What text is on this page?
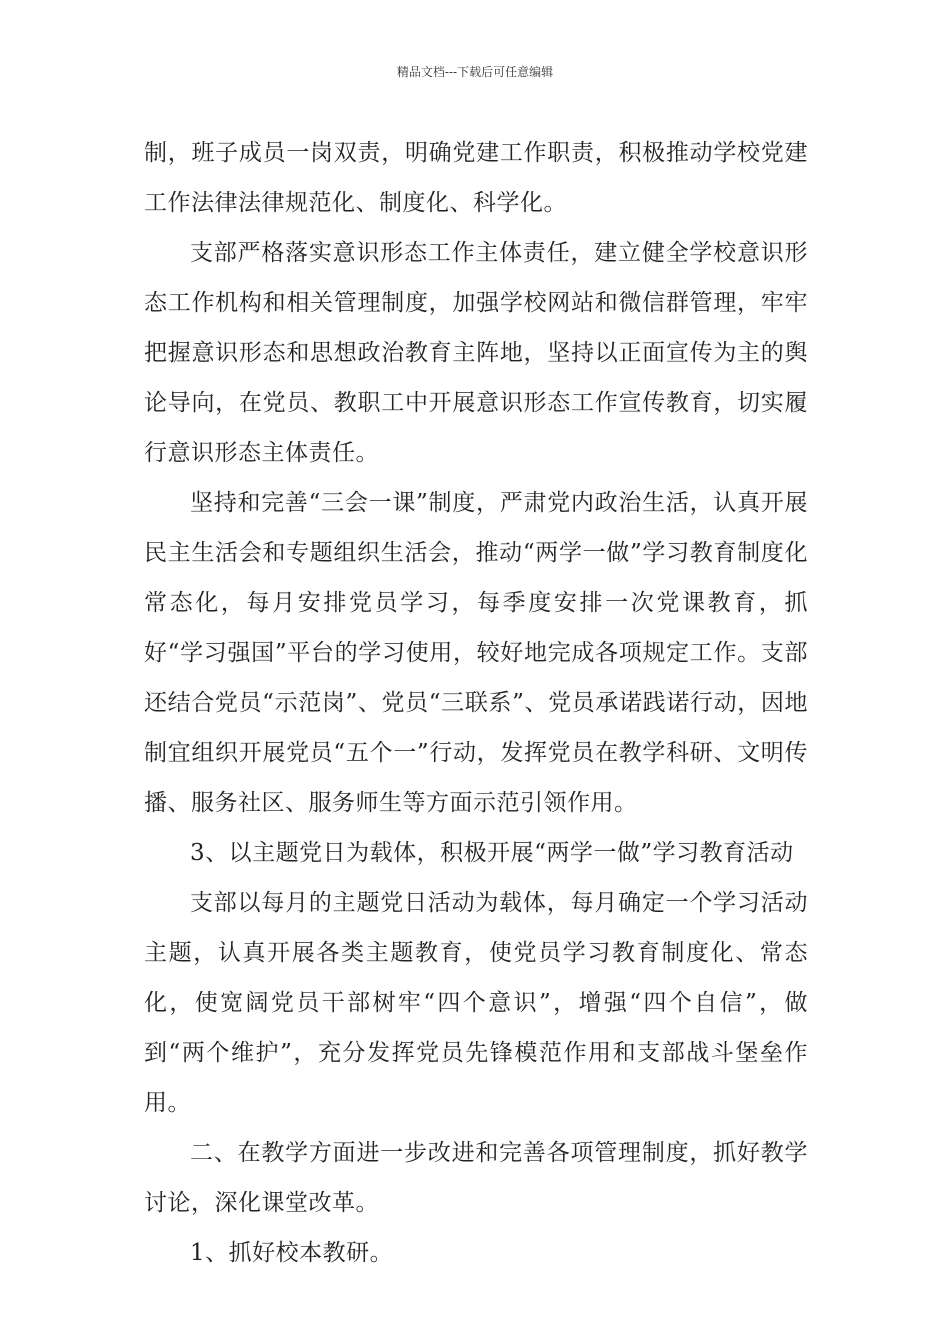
精品文档---下载后可任意编辑

制，班子成员一岗双责，明确党建工作职责，积极推动学校党建工作法律法律规范化、制度化、科学化。

支部严格落实意识形态工作主体责任，建立健全学校意识形态工作机构和相关管理制度，加强学校网站和微信群管理，牢牢把握意识形态和思想政治教育主阵地，坚持以正面宣传为主的舆论导向，在党员、教职工中开展意识形态工作宣传教育，切实履行意识形态主体责任。

坚持和完善“三会一课”制度，严肃党内政治生活，认真开展民主生活会和专题组织生活会，推动“两学一做”学习教育制度化常态化，每月安排党员学习，每季度安排一次党课教育，抓好“学习强国”平台的学习使用，较好地完成各项规定工作。支部还结合党员“示范岗”、党员“三联系”、党员承诺践诺行动，因地制宜组织开展党员“五个一”行动，发挥党员在教学科研、文明传播、服务社区、服务师生等方面示范引领作用。

3、以主题党日为载体，积极开展“两学一做”学习教育活动

支部以每月的主题党日活动为载体，每月确定一个学习活动主题，认真开展各类主题教育，使党员学习教育制度化、常态化，使宽阔党员干部树牢“四个意识”，增强“四个自信”，做到“两个维护”，充分发挥党员先锋模范作用和支部战斗堡垒作用。

二、在教学方面进一步改进和完善各项管理制度，抓好教学讨论，深化课堂改革。

1、抓好校本教研。
